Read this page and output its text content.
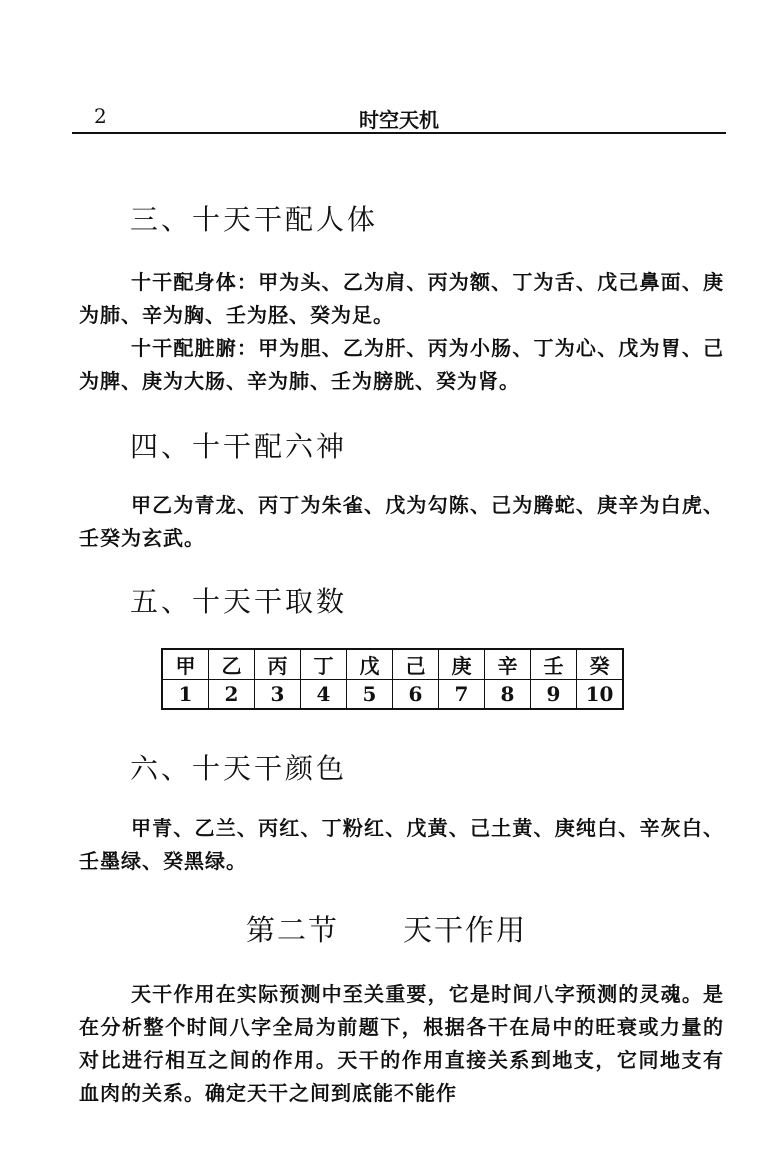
2	时空天机
三、十天干配人体

十干配身体：甲为头、乙为肩、丙为额、丁为舌、戊己鼻面、庚为肺、辛为胸、壬为胫、癸为足。

十干配脏腑：甲为胆、乙为肝、丙为小肠、丁为心、戊为胃、己为脾、庚为大肠、辛为肺、壬为膀胱、癸为肾。

四、十干配六神

甲乙为青龙、丙丁为朱雀、戊为勾陈、己为腾蛇、庚辛为白虎、壬癸为玄武。

五、十天干取数
甲	乙	丙	丁	戊	己	庚	辛	壬	癸
1	2	3	4	5	6	7	8	9	10
六、十天干颜色

甲青、乙兰、丙红、丁粉红、戊黄、己土黄、庚纯白、辛灰白、壬墨绿、癸黑绿。

第二节 天干作用

天干作用在实际预测中至关重要，它是时间八字预测的灵魂。是在分析整个时间八字全局为前题下，根据各干在局中的旺衰或力量的对比进行相互之间的作用。天干的作用直接关系到地支，它同地支有血肉的关系。确定天干之间到底能不能作
